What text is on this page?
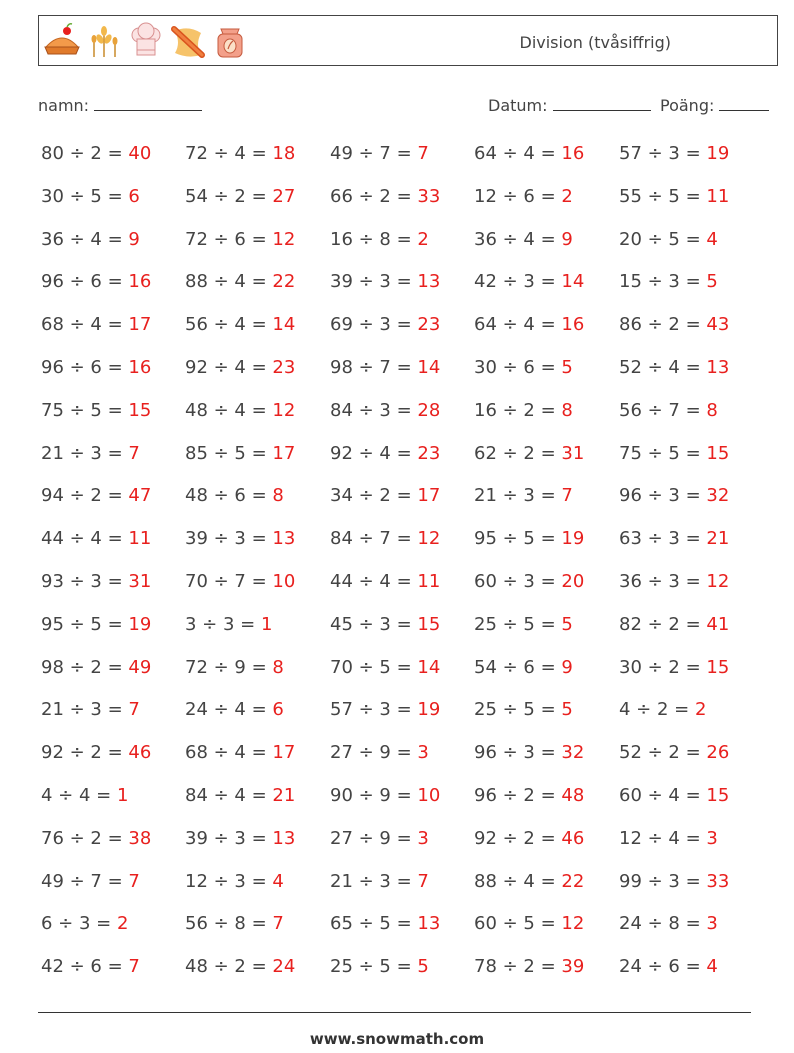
Division (tvåsiffrig)
namn:	Datum:	Poäng:
80 ÷ 2 = 40 72 ÷ 4 = 18 49 ÷ 7 = 7	64 ÷ 4 = 16 57 ÷ 3 = 19
30 ÷ 5 = 6	54 ÷ 2 = 27 66 ÷ 2 = 33 12 ÷ 6 = 2	55 ÷ 5 = 11
36 ÷ 4 = 9	72 ÷ 6 = 12 16 ÷ 8 = 2	36 ÷ 4 = 9	20 ÷ 5 = 4
96 ÷ 6 = 16 88 ÷ 4 = 22 39 ÷ 3 = 13 42 ÷ 3 = 14 15 ÷ 3 = 5
68 ÷ 4 = 17 56 ÷ 4 = 14 69 ÷ 3 = 23 64 ÷ 4 = 16 86 ÷ 2 = 43
96 ÷ 6 = 16 92 ÷ 4 = 23 98 ÷ 7 = 14 30 ÷ 6 = 5	52 ÷ 4 = 13
75 ÷ 5 = 15 48 ÷ 4 = 12 84 ÷ 3 = 28 16 ÷ 2 = 8	56 ÷ 7 = 8
21 ÷ 3 = 7	85 ÷ 5 = 17 92 ÷ 4 = 23 62 ÷ 2 = 31 75 ÷ 5 = 15
94 ÷ 2 = 47 48 ÷ 6 = 8	34 ÷ 2 = 17 21 ÷ 3 = 7	96 ÷ 3 = 32
44 ÷ 4 = 11 39 ÷ 3 = 13 84 ÷ 7 = 12 95 ÷ 5 = 19 63 ÷ 3 = 21
93 ÷ 3 = 31 70 ÷ 7 = 10 44 ÷ 4 = 11 60 ÷ 3 = 20 36 ÷ 3 = 12
95 ÷ 5 = 19 3 ÷ 3 = 1	45 ÷ 3 = 15 25 ÷ 5 = 5	82 ÷ 2 = 41
98 ÷ 2 = 49 72 ÷ 9 = 8	70 ÷ 5 = 14 54 ÷ 6 = 9	30 ÷ 2 = 15
21 ÷ 3 = 7	24 ÷ 4 = 6	57 ÷ 3 = 19 25 ÷ 5 = 5	4 ÷ 2 = 2
92 ÷ 2 = 46 68 ÷ 4 = 17 27 ÷ 9 = 3	96 ÷ 3 = 32 52 ÷ 2 = 26
4 ÷ 4 = 1	84 ÷ 4 = 21 90 ÷ 9 = 10 96 ÷ 2 = 48 60 ÷ 4 = 15
76 ÷ 2 = 38 39 ÷ 3 = 13 27 ÷ 9 = 3	92 ÷ 2 = 46 12 ÷ 4 = 3
49 ÷ 7 = 7	12 ÷ 3 = 4	21 ÷ 3 = 7	88 ÷ 4 = 22 99 ÷ 3 = 33
6 ÷ 3 = 2	56 ÷ 8 = 7	65 ÷ 5 = 13 60 ÷ 5 = 12 24 ÷ 8 = 3
42 ÷ 6 = 7	48 ÷ 2 = 24 25 ÷ 5 = 5	78 ÷ 2 = 39 24 ÷ 6 = 4
www.snowmath.com
